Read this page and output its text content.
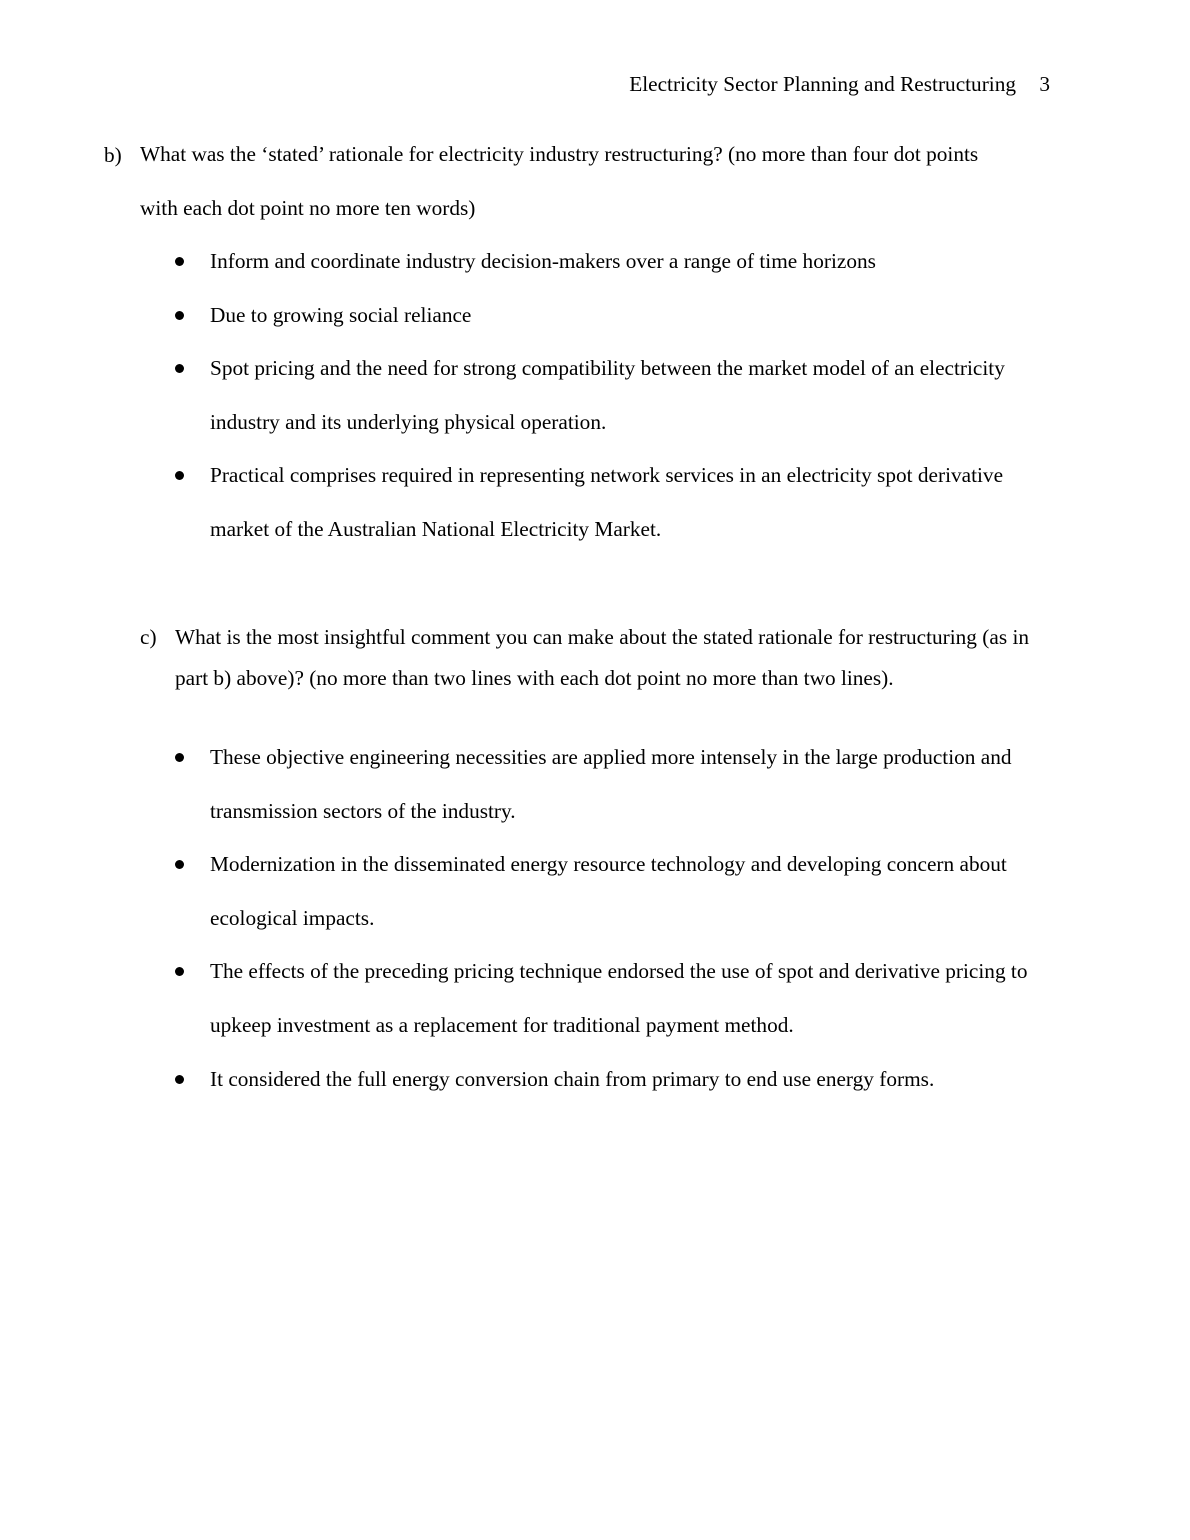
Electricity Sector Planning and Restructuring 3
b) What was the ‘stated’ rationale for electricity industry restructuring? (no more than four dot points with each dot point no more ten words)
Inform and coordinate industry decision-makers over a range of time horizons
Due to growing social reliance
Spot pricing and the need for strong compatibility between the market model of an electricity industry and its underlying physical operation.
Practical comprises required in representing network services in an electricity spot derivative market of the Australian National Electricity Market.
c) What is the most insightful comment you can make about the stated rationale for restructuring (as in part b) above)? (no more than two lines with each dot point no more than two lines).
These objective engineering necessities are applied more intensely in the large production and transmission sectors of the industry.
Modernization in the disseminated energy resource technology and developing concern about ecological impacts.
The effects of the preceding pricing technique endorsed the use of spot and derivative pricing to upkeep investment as a replacement for traditional payment method.
It considered the full energy conversion chain from primary to end use energy forms.
